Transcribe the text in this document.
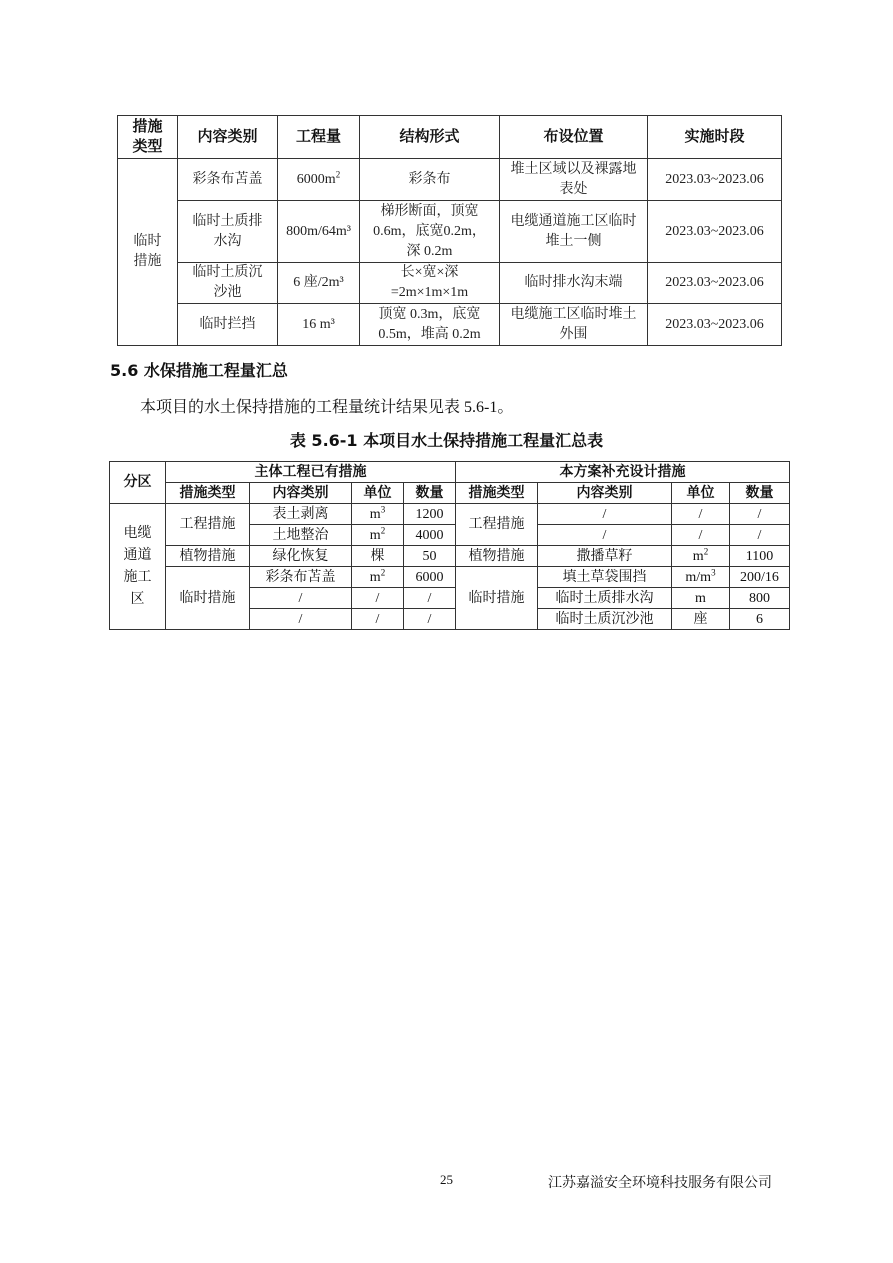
措施类型	内容类别	工程量	结构形式	布设位置	实施时段
临时措施	彩条布苫盖	$6000m^2$	彩条布	堆土区域以及裸露地表处	2023.03~2023.06
	临时土质排水沟	800m/64m³	梯形断面，顶宽0.6m，底宽0.2m，深 0.2m	电缆通道施工区临时堆土一侧	2023.03~2023.06
	临时土质沉沙池	6 座/2m³	长×宽×深=2m×1m×1m	临时排水沟末端	2023.03~2023.06
	临时拦挡	16 m³	顶宽 0.3m，底宽0.5m，堆高 0.2m	电缆施工区临时堆土外围	2023.03~2023.06
5.6 水保措施工程量汇总
本项目的水土保持措施的工程量统计结果见表 5.6-1。
表 5.6-1 本项目水土保持措施工程量汇总表
分区	主体工程已有措施				本方案补充设计措施			
	措施类型	内容类别	单位	数量	措施类型	内容类别	单位	数量
电缆通道施工区	工程措施	表土剥离	$m^3$	1200	工程措施	/	/	/
		土地整治	$m^2$	4000		/	/	/
	植物措施	绿化恢复	棵	50	植物措施	撒播草籽	$m^2$	1100
	临时措施	彩条布苫盖	$m^2$	6000	临时措施	填土草袋围挡	$m/m^3$	200/16
		/	/	/		临时土质排水沟	m	800
		/	/	/		临时土质沉沙池	座	6
25	江苏嘉溢安全环境科技服务有限公司
